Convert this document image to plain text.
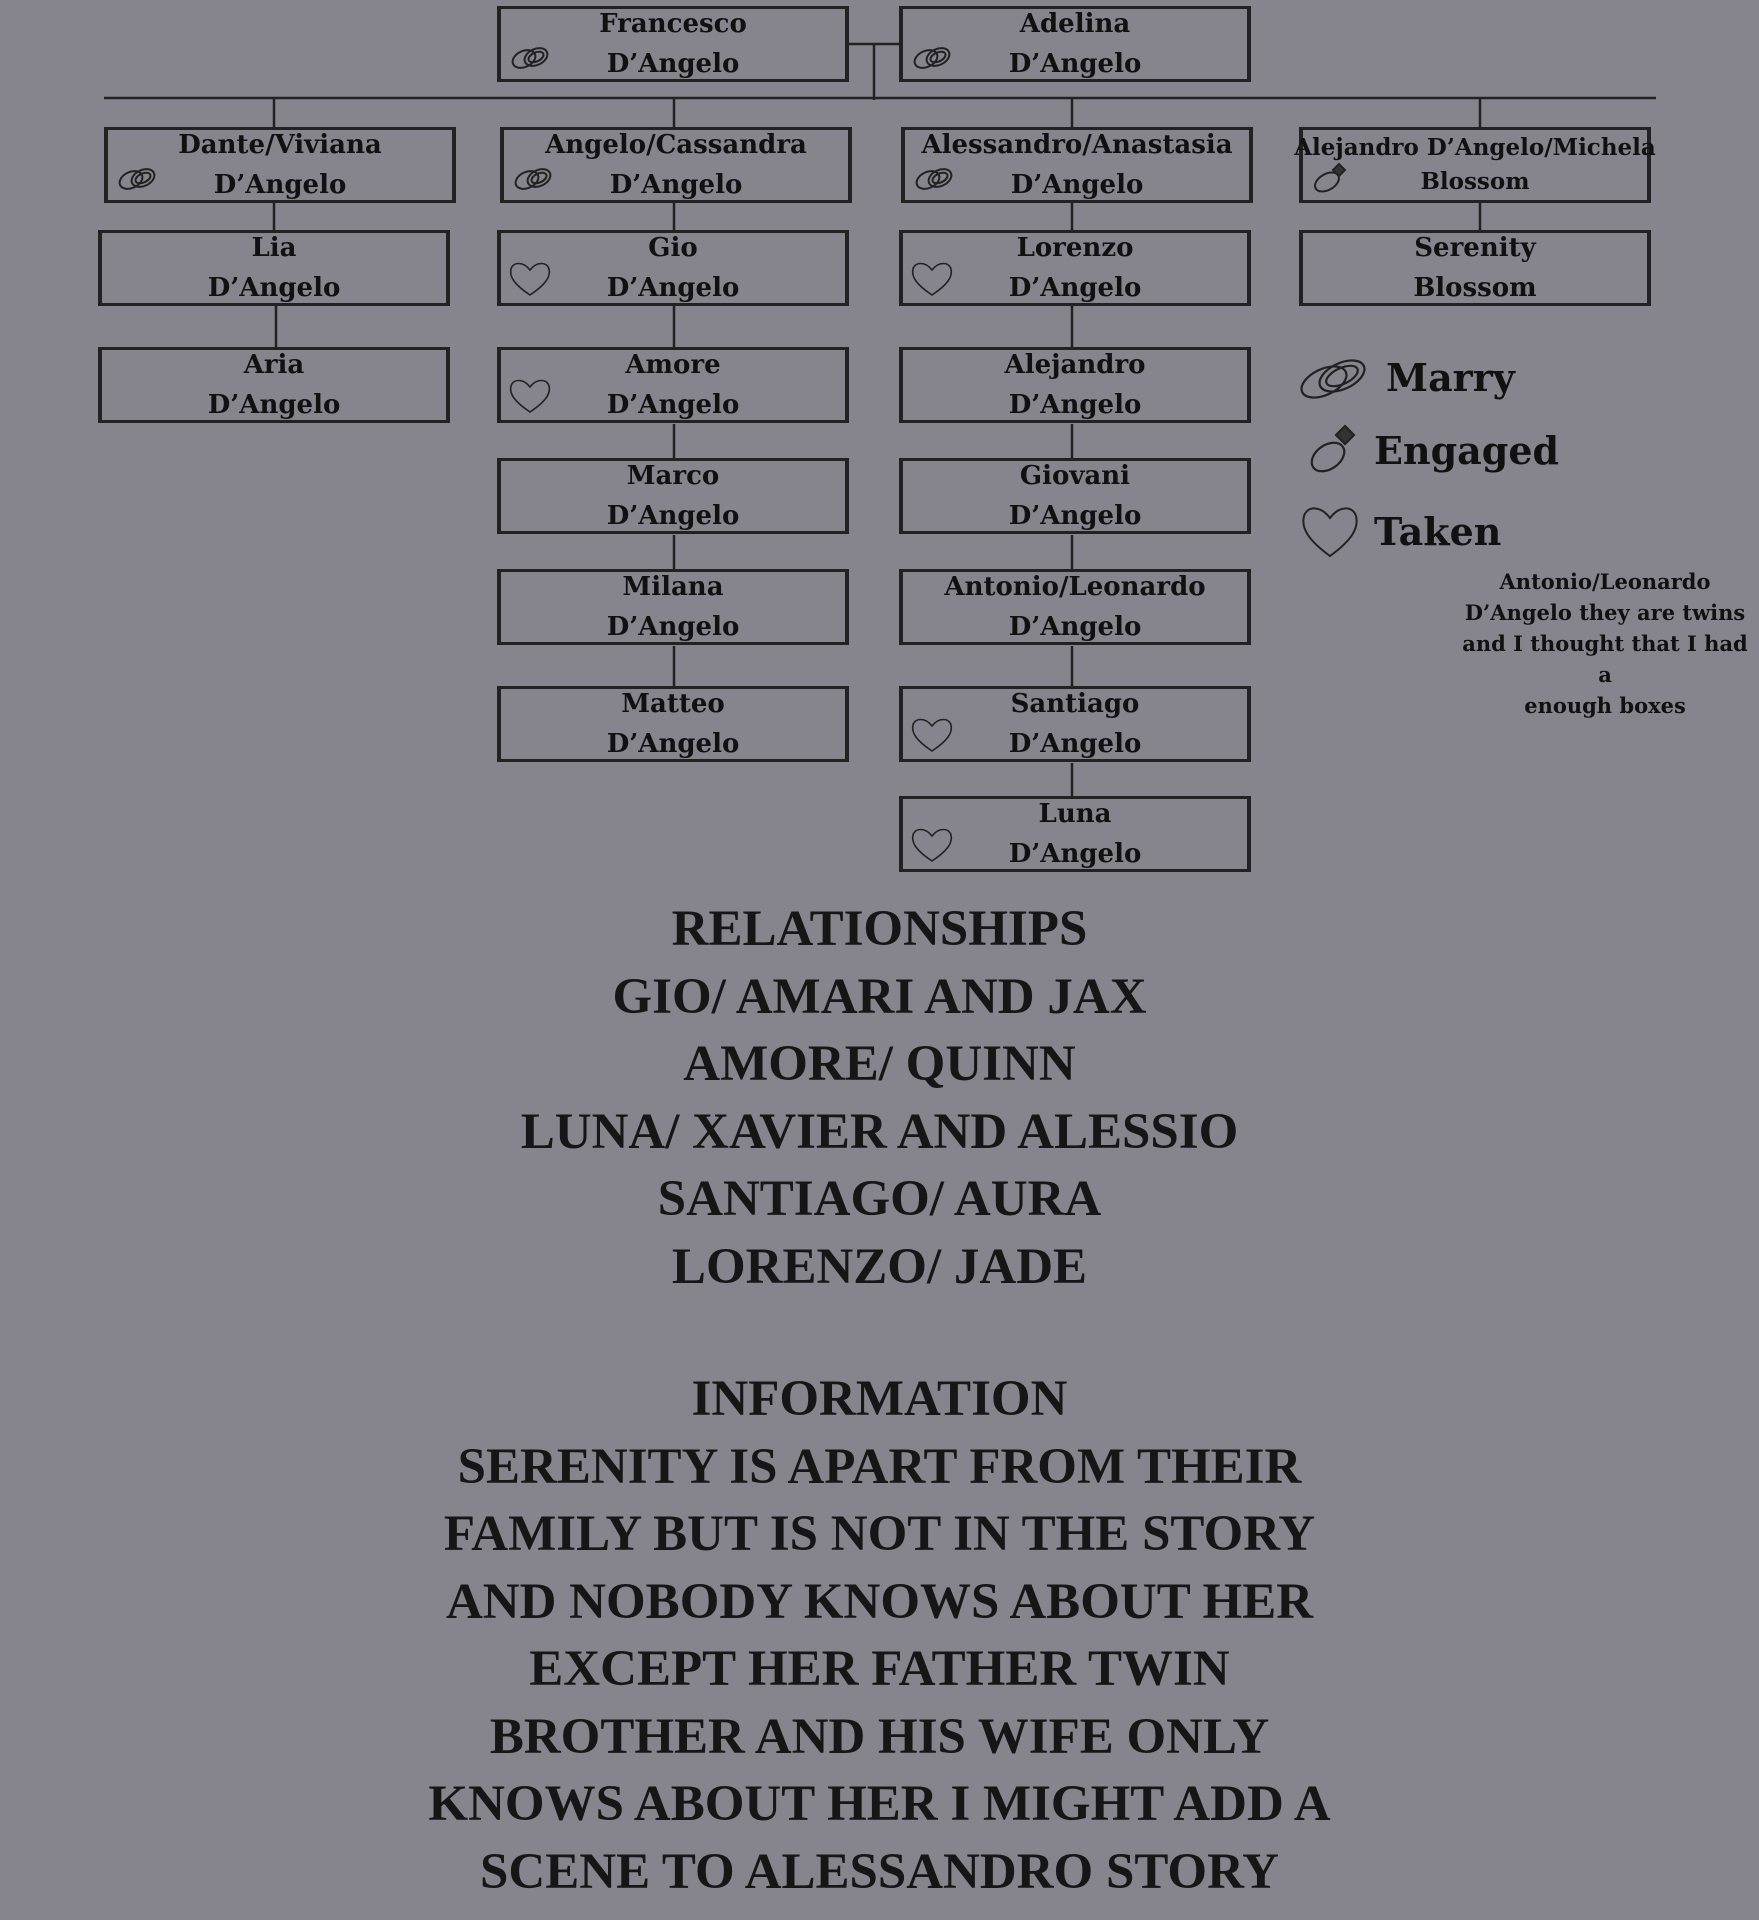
Francesco
D’Angelo
Adelina
D’Angelo
Dante/Viviana
D’Angelo
Lia
D’Angelo
Aria
D’Angelo
Angelo/Cassandra
D’Angelo
Gio
D’Angelo
Amore
D’Angelo
Marco
D’Angelo
Milana
D’Angelo
Matteo
D’Angelo
Alessandro/Anastasia
D’Angelo
Lorenzo
D’Angelo
Alejandro
D’Angelo
Giovani
D’Angelo
Antonio/Leonardo
D’Angelo
Santiago
D’Angelo
Luna
D’Angelo
Alejandro D’Angelo/Michela
Blossom
Serenity
Blossom
Marry
Engaged
Taken
Antonio/Leonardo
D’Angelo they are twins
and I thought that I had a
enough boxes
RELATIONSHIPS
GIO/ AMARI AND JAX
AMORE/ QUINN
LUNA/ XAVIER AND ALESSIO
SANTIAGO/ AURA
LORENZO/ JADE
INFORMATION
SERENITY IS APART FROM THEIR
FAMILY BUT IS NOT IN THE STORY
AND NOBODY KNOWS ABOUT HER
EXCEPT HER FATHER TWIN
BROTHER AND HIS WIFE ONLY
KNOWS ABOUT HER I MIGHT ADD A
SCENE TO ALESSANDRO STORY
